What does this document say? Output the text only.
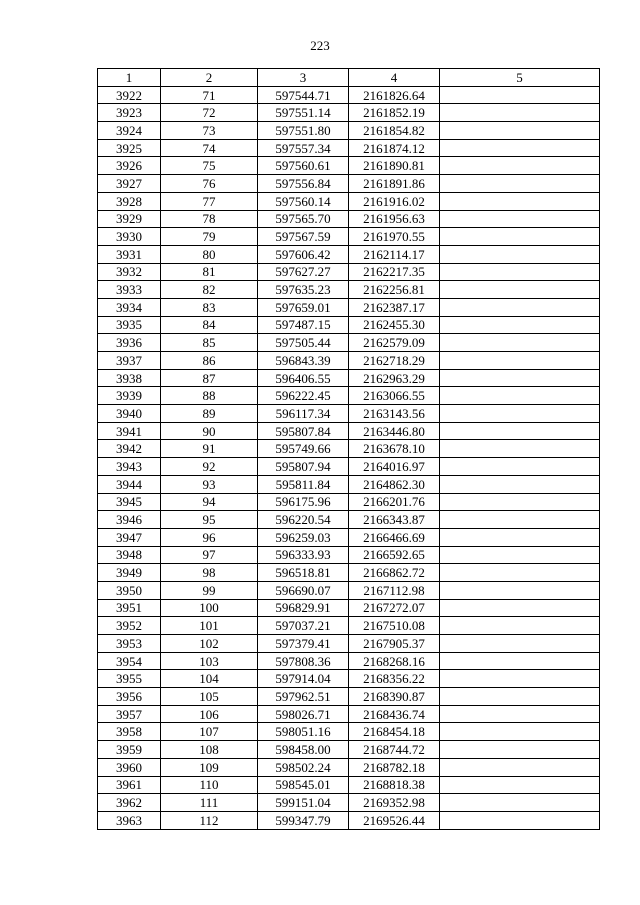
223
1	2	3	4	5
3922	71	597544.71	2161826.64	
3923	72	597551.14	2161852.19	
3924	73	597551.80	2161854.82	
3925	74	597557.34	2161874.12	
3926	75	597560.61	2161890.81	
3927	76	597556.84	2161891.86	
3928	77	597560.14	2161916.02	
3929	78	597565.70	2161956.63	
3930	79	597567.59	2161970.55	
3931	80	597606.42	2162114.17	
3932	81	597627.27	2162217.35	
3933	82	597635.23	2162256.81	
3934	83	597659.01	2162387.17	
3935	84	597487.15	2162455.30	
3936	85	597505.44	2162579.09	
3937	86	596843.39	2162718.29	
3938	87	596406.55	2162963.29	
3939	88	596222.45	2163066.55	
3940	89	596117.34	2163143.56	
3941	90	595807.84	2163446.80	
3942	91	595749.66	2163678.10	
3943	92	595807.94	2164016.97	
3944	93	595811.84	2164862.30	
3945	94	596175.96	2166201.76	
3946	95	596220.54	2166343.87	
3947	96	596259.03	2166466.69	
3948	97	596333.93	2166592.65	
3949	98	596518.81	2166862.72	
3950	99	596690.07	2167112.98	
3951	100	596829.91	2167272.07	
3952	101	597037.21	2167510.08	
3953	102	597379.41	2167905.37	
3954	103	597808.36	2168268.16	
3955	104	597914.04	2168356.22	
3956	105	597962.51	2168390.87	
3957	106	598026.71	2168436.74	
3958	107	598051.16	2168454.18	
3959	108	598458.00	2168744.72	
3960	109	598502.24	2168782.18	
3961	110	598545.01	2168818.38	
3962	111	599151.04	2169352.98	
3963	112	599347.79	2169526.44	
